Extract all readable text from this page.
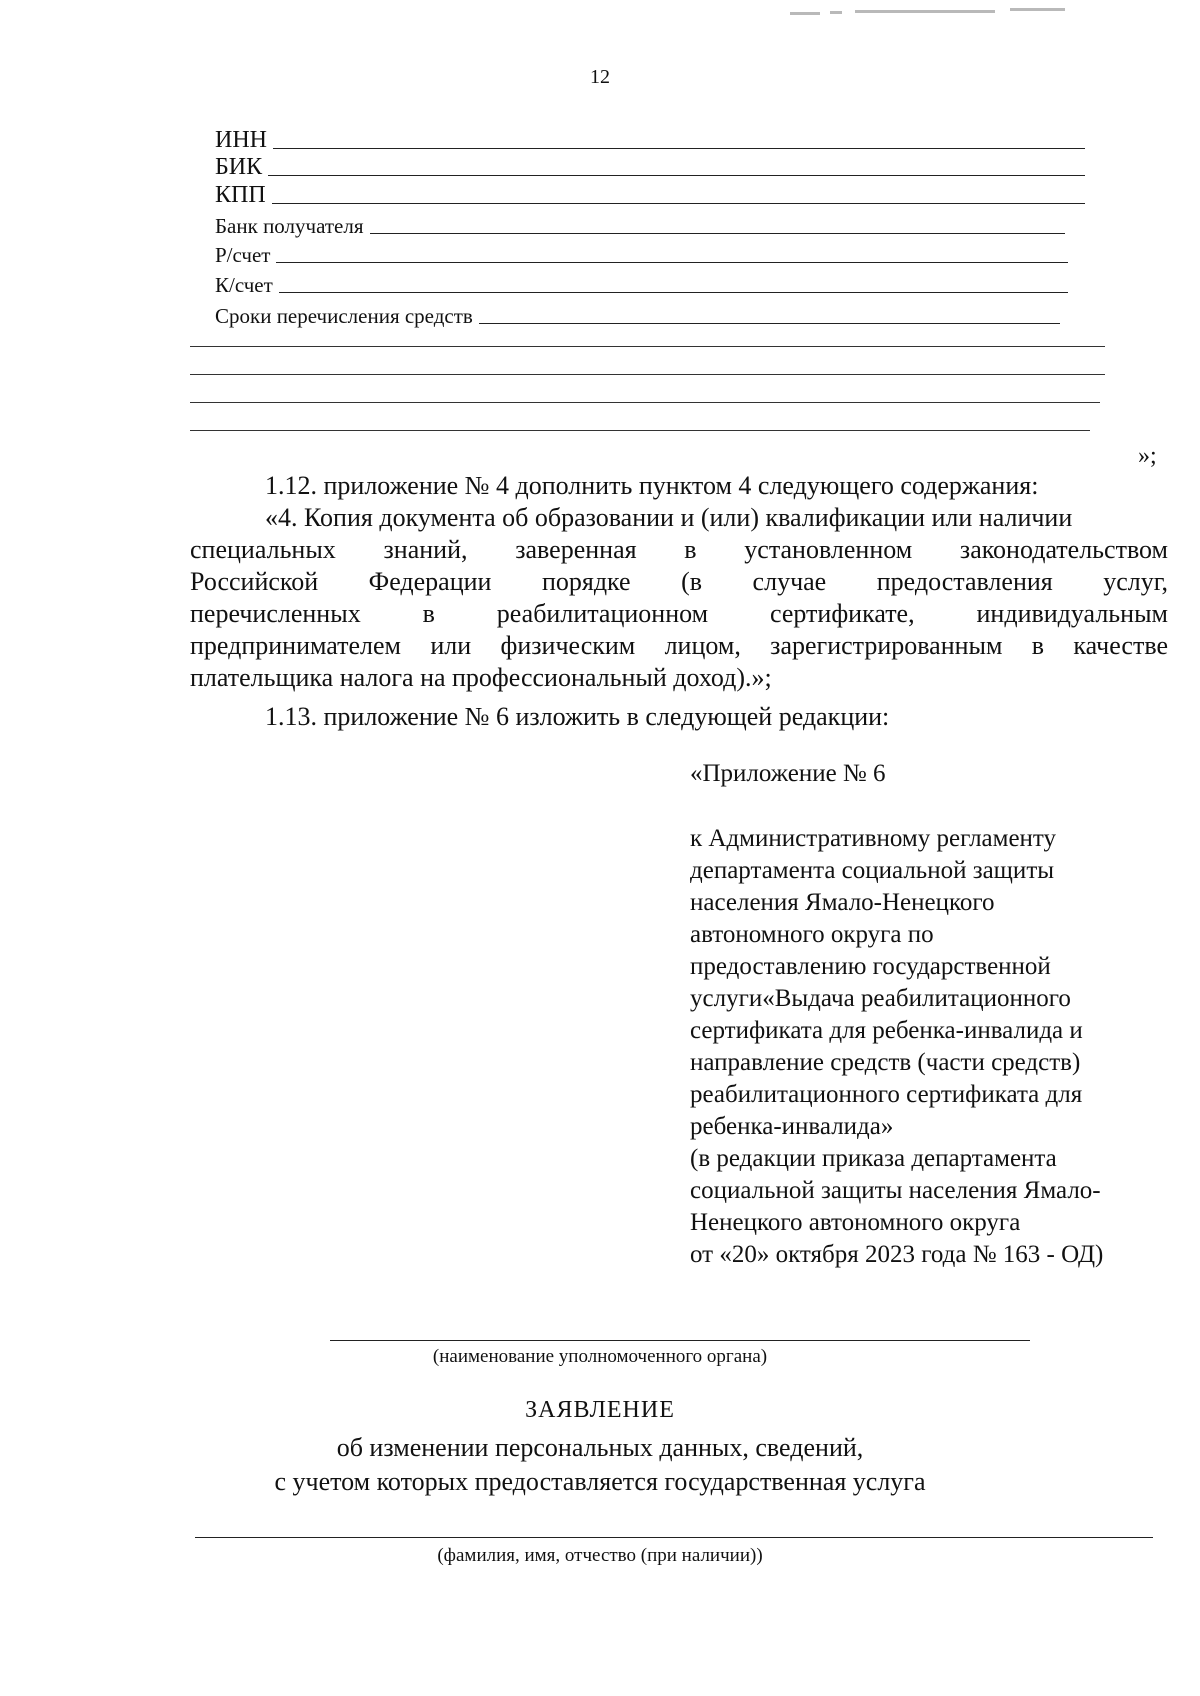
12
ИНН
БИК
КПП
Банк получателя
Р/счет
К/счет
Сроки перечисления средств
»;
1.12. приложение № 4 дополнить пунктом 4 следующего содержания:
«4. Копия документа об образовании и (или) квалификации или наличии
специальных знаний, заверенная в установленном законодательством
Российской Федерации порядке (в случае предоставления услуг,
перечисленных в реабилитационном сертификате, индивидуальным
предпринимателем или физическим лицом, зарегистрированным в качестве
плательщика налога на профессиональный доход).»;
1.13. приложение № 6 изложить в следующей редакции:
«Приложение № 6
к Административному регламенту
департамента социальной защиты
населения Ямало-Ненецкого
автономного округа по
предоставлению государственной
услуги«Выдача реабилитационного
сертификата для ребенка-инвалида и
направление средств (части средств)
реабилитационного сертификата для
ребенка-инвалида»
(в редакции приказа департамента
социальной защиты населения Ямало-
Ненецкого автономного округа
от «20» октября 2023 года № 163 - ОД)
(наименование уполномоченного органа)
ЗАЯВЛЕНИЕ
об изменении персональных данных, сведений,
с учетом которых предоставляется государственная услуга
(фамилия, имя, отчество (при наличии))
